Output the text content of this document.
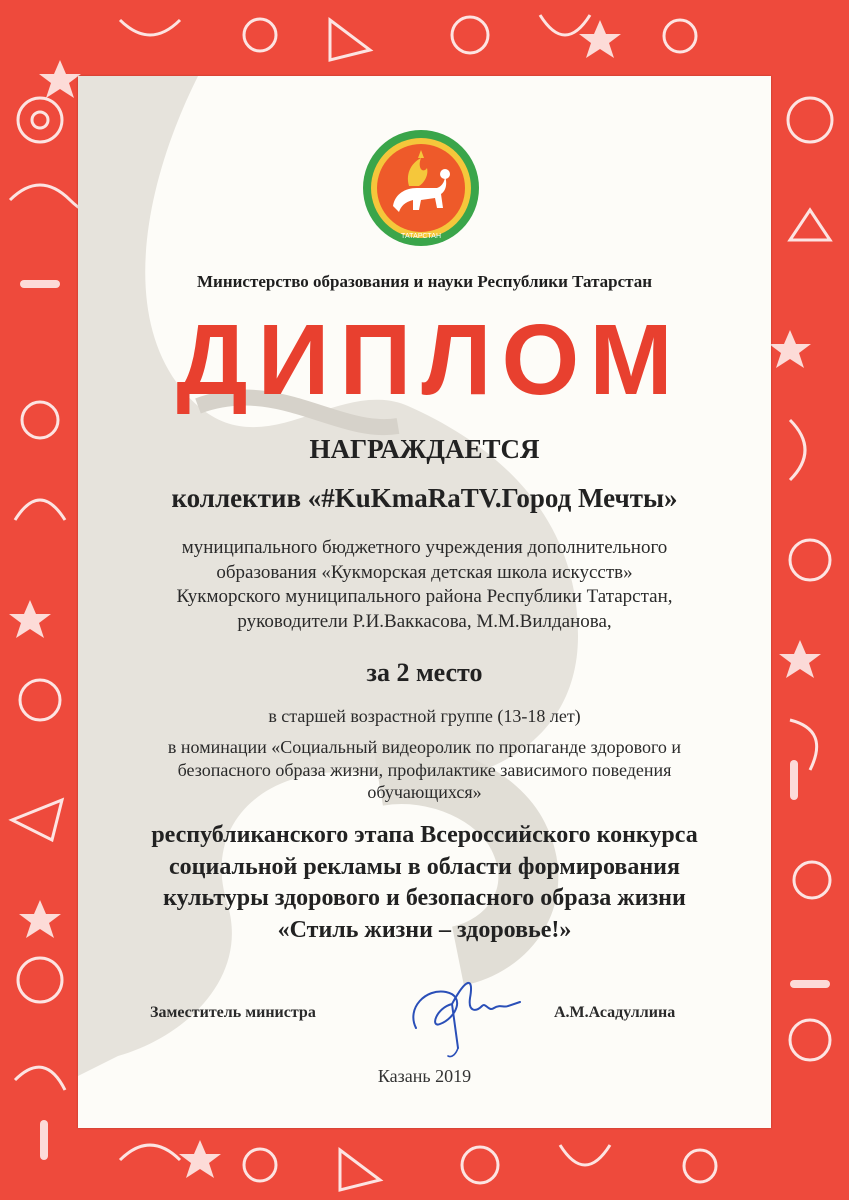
ТАТАРСТАН
Министерство образования и науки Республики Татарстан
ДИПЛОМ
НАГРАЖДАЕТСЯ
коллектив «#KuKmaRaTV.Город Мечты»
муниципального бюджетного учреждения дополнительного
образования «Кукморская детская школа искусств»
Кукморского муниципального района Республики Татарстан,
руководители Р.И.Ваккасова, М.М.Вилданова,
за 2 место
в старшей возрастной группе (13-18 лет)
в номинации «Социальный видеоролик по пропаганде здорового и
безопасного образа жизни, профилактике зависимого поведения
обучающихся»
республиканского этапа Всероссийского конкурса
социальной рекламы в области формирования
культуры здорового и безопасного образа жизни
«Стиль жизни – здоровье!»
Заместитель министра	А.М.Асадуллина
Казань 2019
